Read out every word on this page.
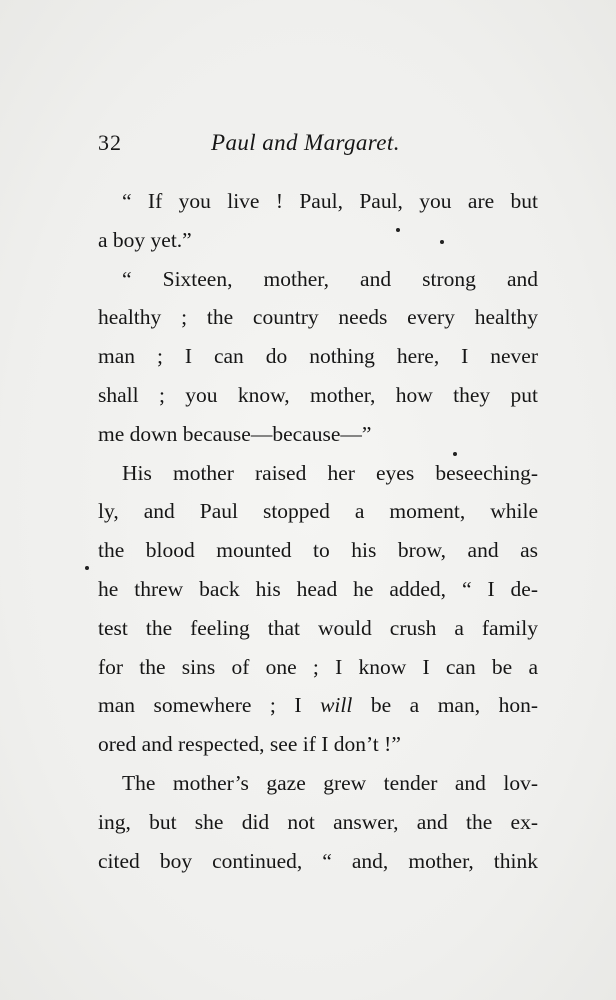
32	Paul and Margaret.
“ If you live ! Paul, Paul, you are but
a boy yet.”
“ Sixteen, mother, and strong and
healthy ; the country needs every healthy
man ; I can do nothing here, I never
shall ; you know, mother, how they put
me down because—because—”
His mother raised her eyes beseeching-
ly, and Paul stopped a moment, while
the blood mounted to his brow, and as
he threw back his head he added, “ I de-
test the feeling that would crush a family
for the sins of one ; I know I can be a
man somewhere ; I will be a man, hon-
ored and respected, see if I don’t !”
The mother’s gaze grew tender and lov-
ing, but she did not answer, and the ex-
cited boy continued, “ and, mother, think
